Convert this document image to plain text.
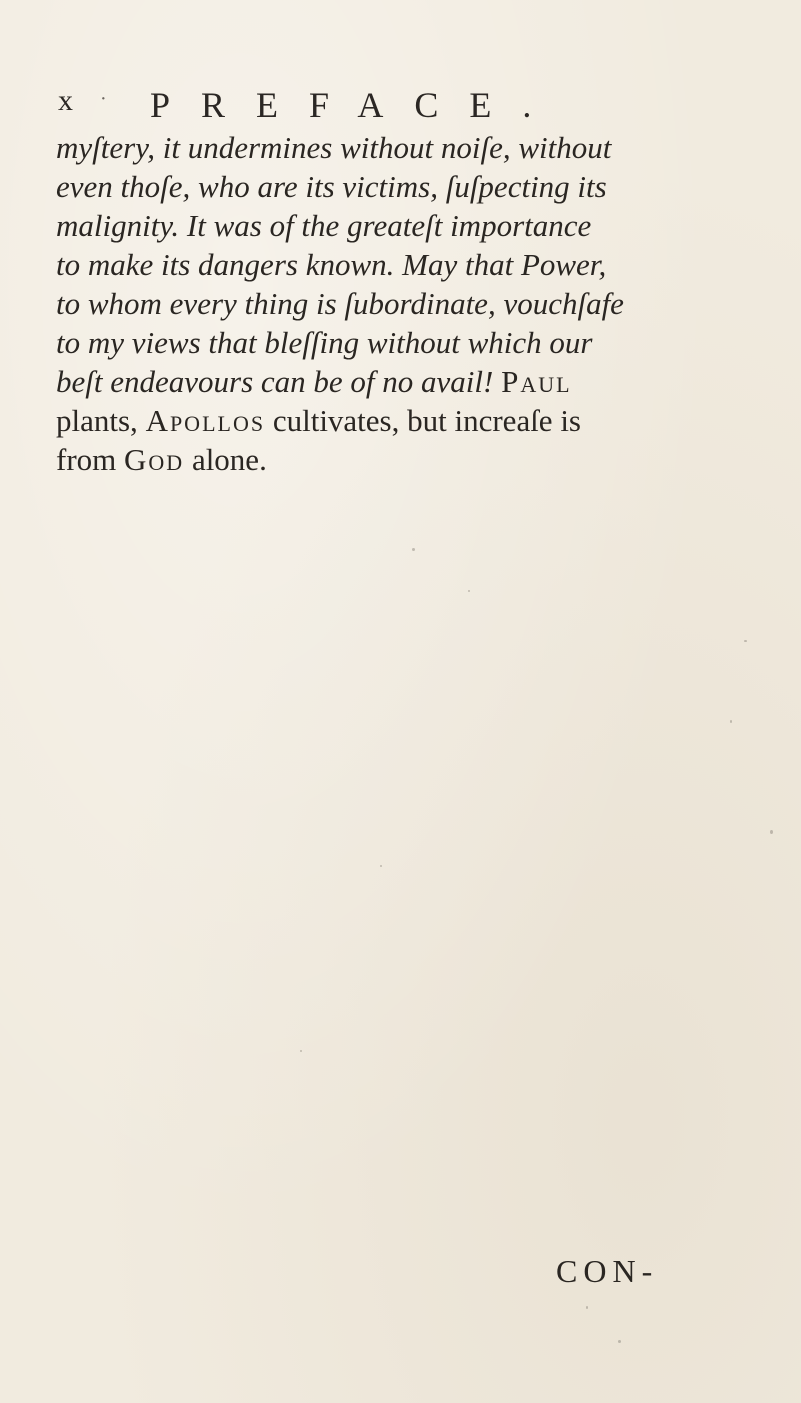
x · PREFACE.
myſtery, it undermines without noiſe, without
even thoſe, who are its victims, ſuſpecting its
malignity. It was of the greateſt importance
to make its dangers known. May that Power,
to whom every thing is ſubordinate, vouchſafe
to my views that bleſſing without which our
beſt endeavours can be of no avail! Paul
plants, Apollos cultivates, but increaſe is
from God alone.
CON-
